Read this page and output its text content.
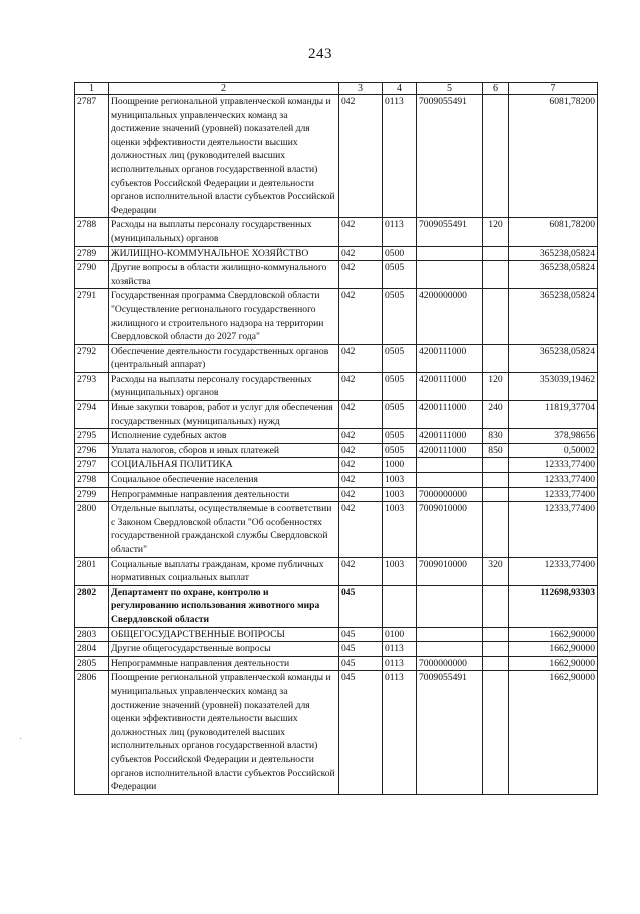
243
1	2	3	4	5	6	7
2787	Поощрение региональной управленческой команды и муниципальных управленческих команд за достижение значений (уровней) показателей для оценки эффективности деятельности высших должностных лиц (руководителей высших исполнительных органов государственной власти) субъектов Российской Федерации и деятельности органов исполнительной власти субъектов Российской Федерации	042	0113	7009055491		6081,78200
2788	Расходы на выплаты персоналу государственных (муниципальных) органов	042	0113	7009055491	120	6081,78200
2789	ЖИЛИЩНО-КОММУНАЛЬНОЕ ХОЗЯЙСТВО	042	0500			365238,05824
2790	Другие вопросы в области жилищно-коммунального хозяйства	042	0505			365238,05824
2791	Государственная программа Свердловской области "Осуществление регионального государственного жилищного и строительного надзора на территории Свердловской области до 2027 года"	042	0505	4200000000		365238,05824
2792	Обеспечение деятельности государственных органов (центральный аппарат)	042	0505	4200111000		365238,05824
2793	Расходы на выплаты персоналу государственных (муниципальных) органов	042	0505	4200111000	120	353039,19462
2794	Иные закупки товаров, работ и услуг для обеспечения государственных (муниципальных) нужд	042	0505	4200111000	240	11819,37704
2795	Исполнение судебных актов	042	0505	4200111000	830	378,98656
2796	Уплата налогов, сборов и иных платежей	042	0505	4200111000	850	0,50002
2797	СОЦИАЛЬНАЯ ПОЛИТИКА	042	1000			12333,77400
2798	Социальное обеспечение населения	042	1003			12333,77400
2799	Непрограммные направления деятельности	042	1003	7000000000		12333,77400
2800	Отдельные выплаты, осуществляемые в соответствии с Законом Свердловской области "Об особенностях государственной гражданской службы Свердловской области"	042	1003	7009010000		12333,77400
2801	Социальные выплаты гражданам, кроме публичных нормативных социальных выплат	042	1003	7009010000	320	12333,77400
2802	Департамент по охране, контролю и регулированию использования животного мира Свердловской области	045				112698,93303
2803	ОБЩЕГОСУДАРСТВЕННЫЕ ВОПРОСЫ	045	0100			1662,90000
2804	Другие общегосударственные вопросы	045	0113			1662,90000
2805	Непрограммные направления деятельности	045	0113	7000000000		1662,90000
2806	Поощрение региональной управленческой команды и муниципальных управленческих команд за достижение значений (уровней) показателей для оценки эффективности деятельности высших должностных лиц (руководителей высших исполнительных органов государственной власти) субъектов Российской Федерации и деятельности органов исполнительной власти субъектов Российской Федерации	045	0113	7009055491		1662,90000
